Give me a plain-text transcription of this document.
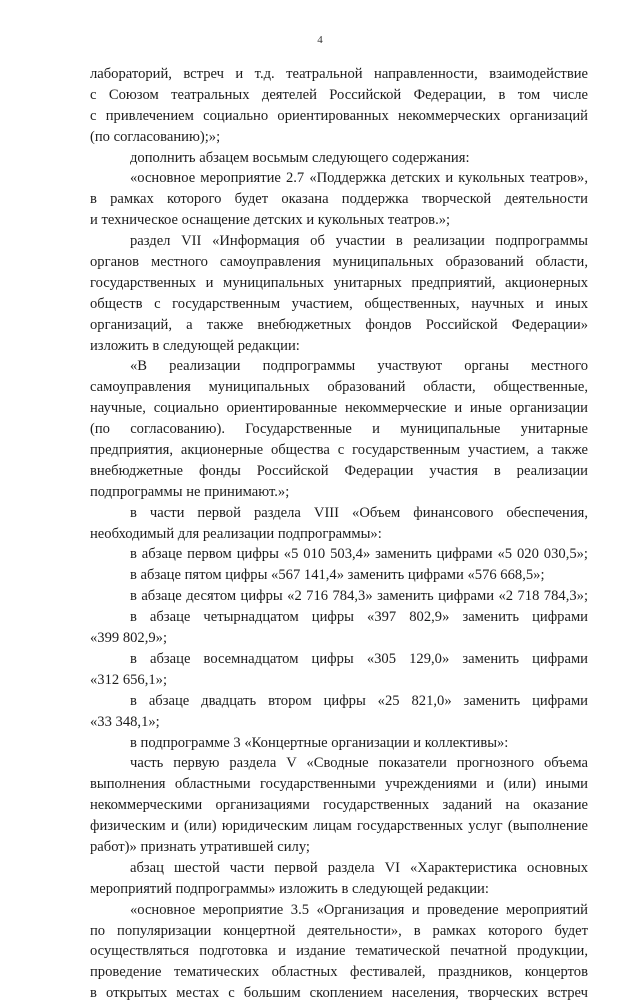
4
лабораторий, встреч и т.д. театральной направленности, взаимодействие
с Союзом театральных деятелей Российской Федерации, в том числе
с привлечением социально ориентированных некоммерческих организаций
(по согласованию);»;
дополнить абзацем восьмым следующего содержания:
«основное мероприятие 2.7 «Поддержка детских и кукольных театров»,
в рамках которого будет оказана поддержка творческой деятельности
и техническое оснащение детских и кукольных театров.»;
раздел VII «Информация об участии в реализации подпрограммы
органов местного самоуправления муниципальных образований области,
государственных и муниципальных унитарных предприятий, акционерных
обществ с государственным участием, общественных, научных и иных
организаций, а также внебюджетных фондов Российской Федерации»
изложить в следующей редакции:
«В реализации подпрограммы участвуют органы местного
самоуправления муниципальных образований области, общественные,
научные, социально ориентированные некоммерческие и иные организации
(по согласованию). Государственные и муниципальные унитарные
предприятия, акционерные общества с государственным участием, а также
внебюджетные фонды Российской Федерации участия в реализации
подпрограммы не принимают.»;
в части первой раздела VIII «Объем финансового обеспечения,
необходимый для реализации подпрограммы»:
в абзаце первом цифры «5 010 503,4» заменить цифрами «5 020 030,5»;
в абзаце пятом цифры «567 141,4» заменить цифрами «576 668,5»;
в абзаце десятом цифры «2 716 784,3» заменить цифрами «2 718 784,3»;
в абзаце четырнадцатом цифры «397 802,9» заменить цифрами
«399 802,9»;
в абзаце восемнадцатом цифры «305 129,0» заменить цифрами
«312 656,1»;
в абзаце двадцать втором цифры «25 821,0» заменить цифрами
«33 348,1»;
в подпрограмме 3 «Концертные организации и коллективы»:
часть первую раздела V «Сводные показатели прогнозного объема
выполнения областными государственными учреждениями и (или) иными
некоммерческими организациями государственных заданий на оказание
физическим и (или) юридическим лицам государственных услуг (выполнение
работ)» признать утратившей силу;
абзац шестой части первой раздела VI «Характеристика основных
мероприятий подпрограммы» изложить в следующей редакции:
«основное мероприятие 3.5 «Организация и проведение мероприятий
по популяризации концертной деятельности», в рамках которого будет
осуществляться подготовка и издание тематической печатной продукции,
проведение тематических областных фестивалей, праздников, концертов
в открытых местах с большим скоплением населения, творческих встреч
